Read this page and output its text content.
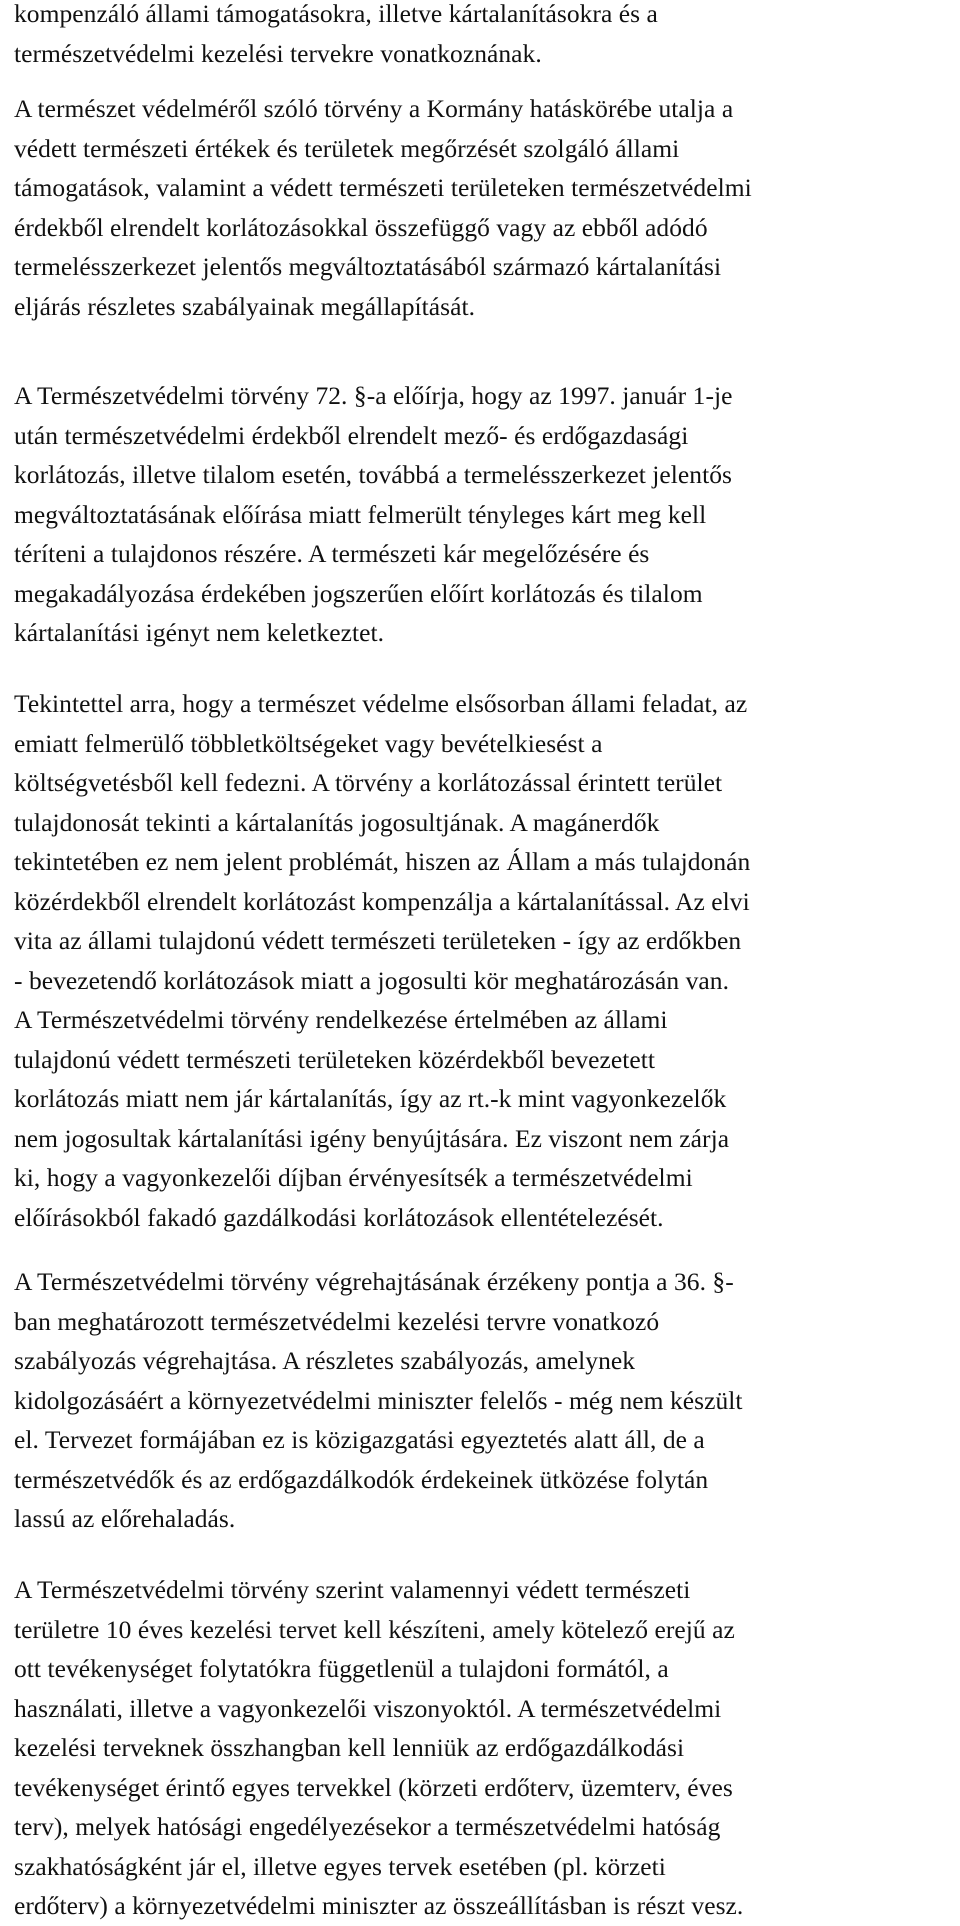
kompenzáló állami támogatásokra, illetve kártalanításokra és a
természetvédelmi kezelési tervekre vonatkoznának.

A természet védelméről szóló törvény a Kormány hatáskörébe utalja a
védett természeti értékek és területek megőrzését szolgáló állami
támogatások, valamint a védett természeti területeken természetvédelmi
érdekből elrendelt korlátozásokkal összefüggő vagy az ebből adódó
termelésszerkezet jelentős megváltoztatásából származó kártalanítási
eljárás részletes szabályainak megállapítását.

A Természetvédelmi törvény 72. §-a előírja, hogy az 1997. január 1-je
után természetvédelmi érdekből elrendelt mező- és erdőgazdasági
korlátozás, illetve tilalom esetén, továbbá a termelésszerkezet jelentős
megváltoztatásának előírása miatt felmerült tényleges kárt meg kell
téríteni a tulajdonos részére. A természeti kár megelőzésére és
megakadályozása érdekében jogszerűen előírt korlátozás és tilalom
kártalanítási igényt nem keletkeztet.

Tekintettel arra, hogy a természet védelme elsősorban állami feladat, az
emiatt felmerülő többletköltségeket vagy bevételkiesést a
költségvetésből kell fedezni. A törvény a korlátozással érintett terület
tulajdonosát tekinti a kártalanítás jogosultjának. A magánerdők
tekintetében ez nem jelent problémát, hiszen az Állam a más tulajdonán
közérdekből elrendelt korlátozást kompenzálja a kártalanítással. Az elvi
vita az állami tulajdonú védett természeti területeken - így az erdőkben
- bevezetendő korlátozások miatt a jogosulti kör meghatározásán van.
A Természetvédelmi törvény rendelkezése értelmében az állami
tulajdonú védett természeti területeken közérdekből bevezetett
korlátozás miatt nem jár kártalanítás, így az rt.-k mint vagyonkezelők
nem jogosultak kártalanítási igény benyújtására. Ez viszont nem zárja
ki, hogy a vagyonkezelői díjban érvényesítsék a természetvédelmi
előírásokból fakadó gazdálkodási korlátozások ellentételezését.

A Természetvédelmi törvény végrehajtásának érzékeny pontja a 36. §-
ban meghatározott természetvédelmi kezelési tervre vonatkozó
szabályozás végrehajtása. A részletes szabályozás, amelynek
kidolgozásáért a környezetvédelmi miniszter felelős - még nem készült
el. Tervezet formájában ez is közigazgatási egyeztetés alatt áll, de a
természetvédők és az erdőgazdálkodók érdekeinek ütközése folytán
lassú az előrehaladás.

A Természetvédelmi törvény szerint valamennyi védett természeti
területre 10 éves kezelési tervet kell készíteni, amely kötelező erejű az
ott tevékenységet folytatókra függetlenül a tulajdoni formától, a
használati, illetve a vagyonkezelői viszonyoktól. A természetvédelmi
kezelési terveknek összhangban kell lenniük az erdőgazdálkodási
tevékenységet érintő egyes tervekkel (körzeti erdőterv, üzemterv, éves
terv), melyek hatósági engedélyezésekor a természetvédelmi hatóság
szakhatóságként jár el, illetve egyes tervek esetében (pl. körzeti
erdőterv) a környezetvédelmi miniszter az összeállításban is részt vesz.
